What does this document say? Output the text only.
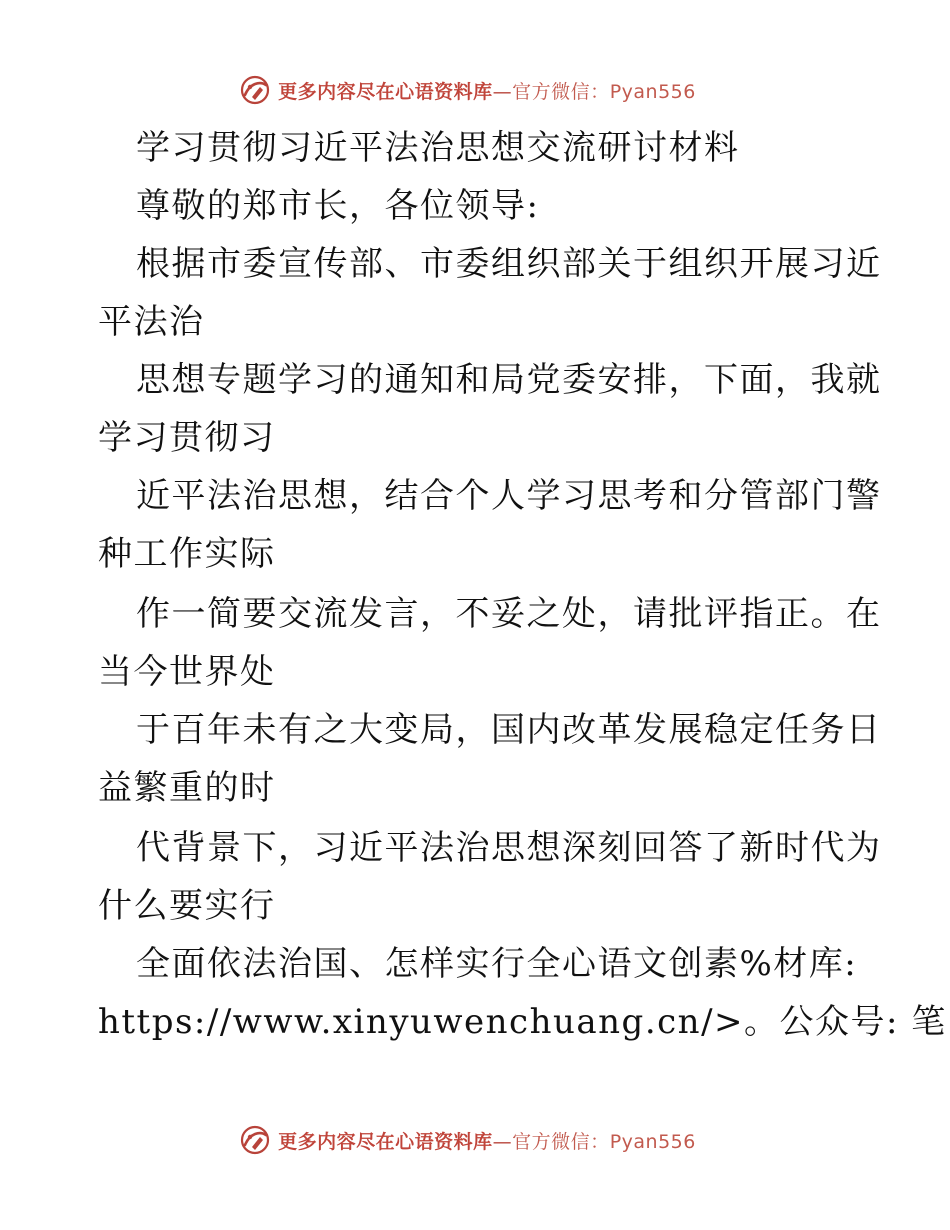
更多内容尽在心语资料库—官方微信：Pyan556
学习贯彻习近平法治思想交流研讨材料
尊敬的郑市长，各位领导:
根据市委宣传部、市委组织部关于组织开展习近
平法治
思想专题学习的通知和局党委安排，下面，我就
学习贯彻习
近平法治思想，结合个人学习思考和分管部门警
种工作实际
作一简要交流发言，不妥之处，请批评指正。在
当今世界处
于百年未有之大变局，国内改革发展稳定任务日
益繁重的时
代背景下，习近平法治思想深刻回答了新时代为
什么要实行
全面依法治国、怎样实行全心语文创素%材库:
https://www.xinyuwenchuang.cn/>。公众号: 笔
更多内容尽在心语资料库—官方微信：Pyan556
